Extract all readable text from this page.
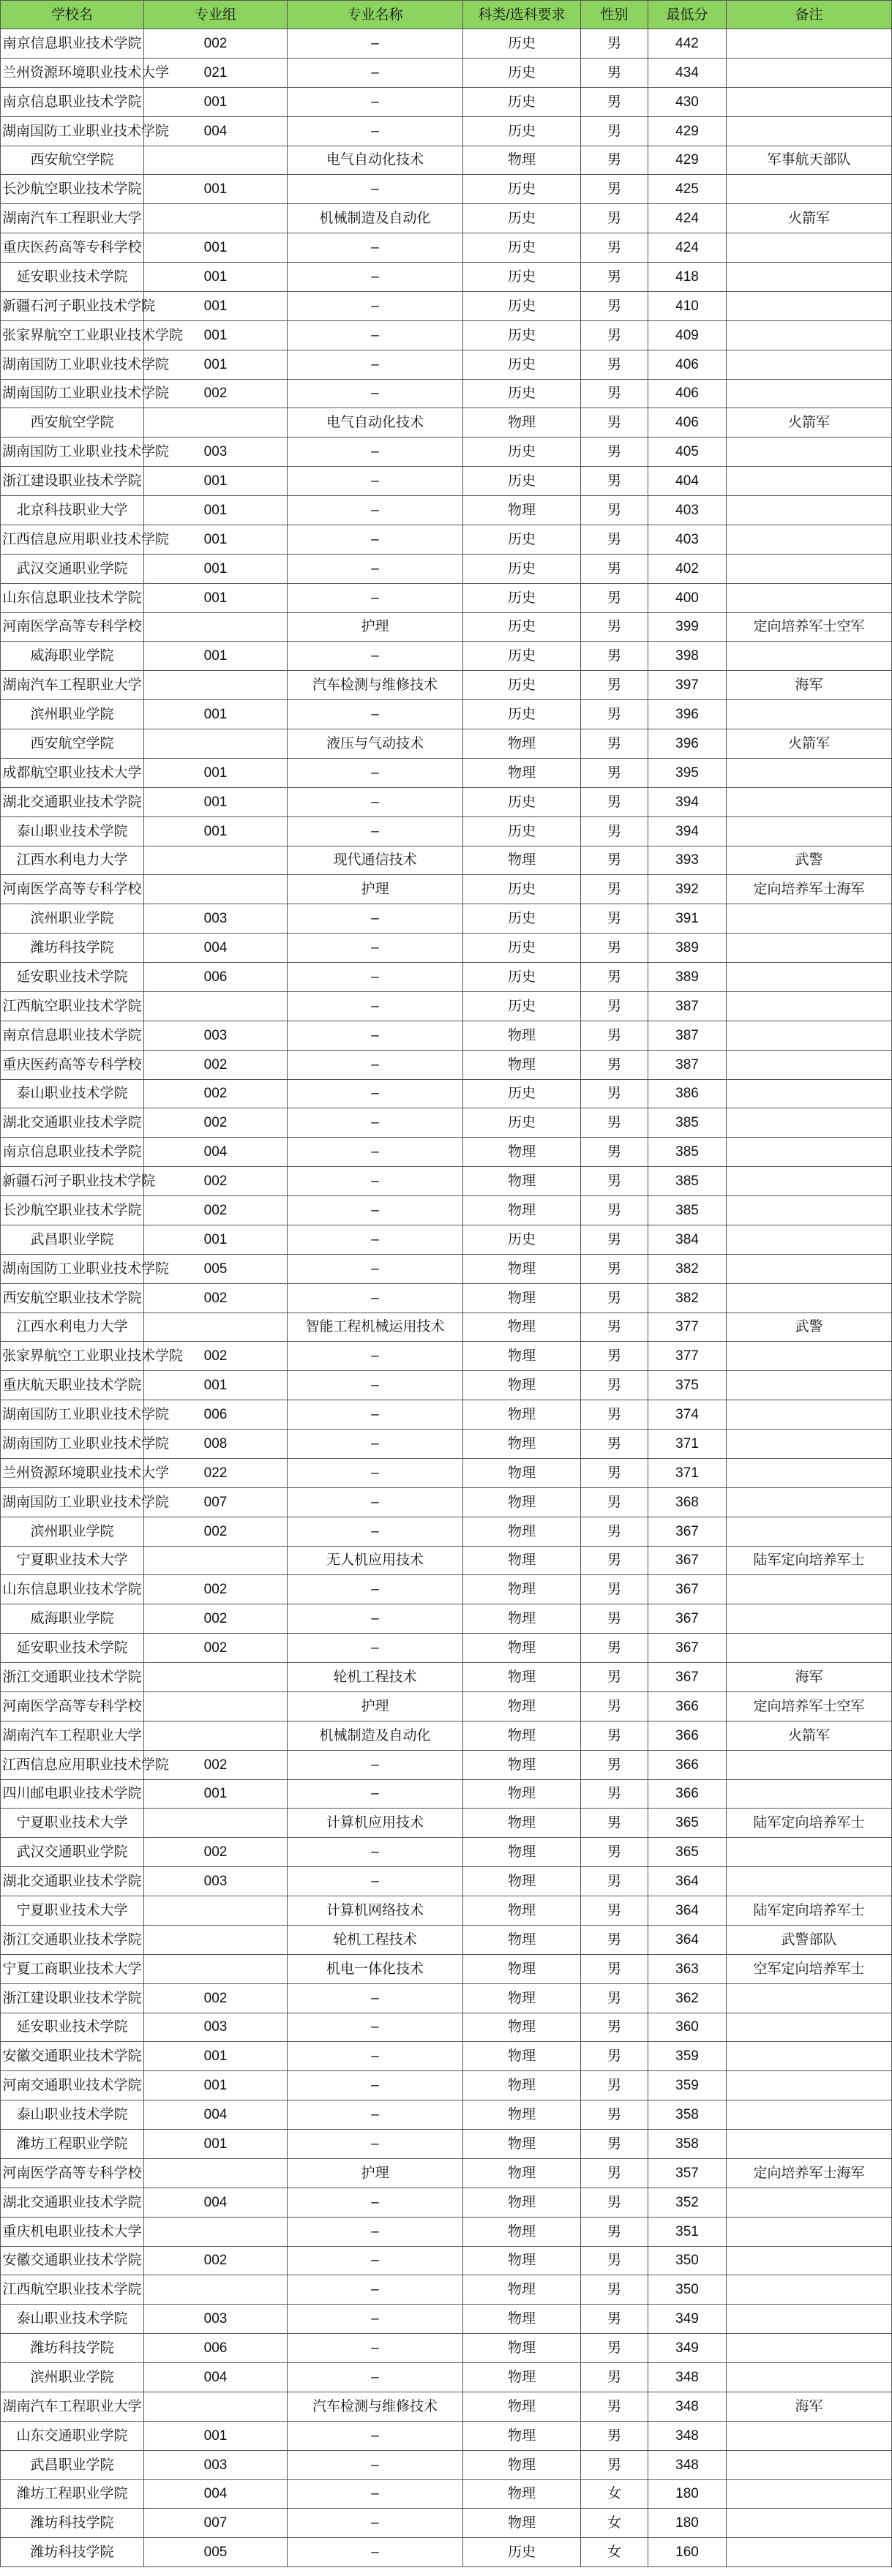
学校名	专业组	专业名称	科类/选科要求	性别	最低分	备注
南京信息职业技术学院	002	–	历史	男	442	
兰州资源环境职业技术大学	021	–	历史	男	434	
南京信息职业技术学院	001	–	历史	男	430	
湖南国防工业职业技术学院	004	–	历史	男	429	
西安航空学院		电气自动化技术	物理	男	429	军事航天部队
长沙航空职业技术学院	001	–	历史	男	425	
湖南汽车工程职业大学		机械制造及自动化	历史	男	424	火箭军
重庆医药高等专科学校	001	–	历史	男	424	
延安职业技术学院	001	–	历史	男	418	
新疆石河子职业技术学院	001	–	历史	男	410	
张家界航空工业职业技术学院	001	–	历史	男	409	
湖南国防工业职业技术学院	001	–	历史	男	406	
湖南国防工业职业技术学院	002	–	历史	男	406	
西安航空学院		电气自动化技术	物理	男	406	火箭军
湖南国防工业职业技术学院	003	–	历史	男	405	
浙江建设职业技术学院	001	–	历史	男	404	
北京科技职业大学	001	–	物理	男	403	
江西信息应用职业技术学院	001	–	历史	男	403	
武汉交通职业学院	001	–	历史	男	402	
山东信息职业技术学院	001	–	历史	男	400	
河南医学高等专科学校		护理	历史	男	399	定向培养军士空军
威海职业学院	001	–	历史	男	398	
湖南汽车工程职业大学		汽车检测与维修技术	历史	男	397	海军
滨州职业学院	001	–	历史	男	396	
西安航空学院		液压与气动技术	物理	男	396	火箭军
成都航空职业技术大学	001	–	物理	男	395	
湖北交通职业技术学院	001	–	历史	男	394	
泰山职业技术学院	001	–	历史	男	394	
江西水利电力大学		现代通信技术	物理	男	393	武警
河南医学高等专科学校		护理	历史	男	392	定向培养军士海军
滨州职业学院	003	–	历史	男	391	
潍坊科技学院	004	–	历史	男	389	
延安职业技术学院	006	–	历史	男	389	
江西航空职业技术学院		–	历史	男	387	
南京信息职业技术学院	003	–	物理	男	387	
重庆医药高等专科学校	002	–	物理	男	387	
泰山职业技术学院	002	–	历史	男	386	
湖北交通职业技术学院	002	–	历史	男	385	
南京信息职业技术学院	004	–	物理	男	385	
新疆石河子职业技术学院	002	–	物理	男	385	
长沙航空职业技术学院	002	–	物理	男	385	
武昌职业学院	001	–	历史	男	384	
湖南国防工业职业技术学院	005	–	物理	男	382	
西安航空职业技术学院	002	–	物理	男	382	
江西水利电力大学		智能工程机械运用技术	物理	男	377	武警
张家界航空工业职业技术学院	002	–	物理	男	377	
重庆航天职业技术学院	001	–	物理	男	375	
湖南国防工业职业技术学院	006	–	物理	男	374	
湖南国防工业职业技术学院	008	–	物理	男	371	
兰州资源环境职业技术大学	022	–	物理	男	371	
湖南国防工业职业技术学院	007	–	物理	男	368	
滨州职业学院	002	–	物理	男	367	
宁夏职业技术大学		无人机应用技术	物理	男	367	陆军定向培养军士
山东信息职业技术学院	002	–	物理	男	367	
威海职业学院	002	–	物理	男	367	
延安职业技术学院	002	–	物理	男	367	
浙江交通职业技术学院		轮机工程技术	物理	男	367	海军
河南医学高等专科学校		护理	物理	男	366	定向培养军士空军
湖南汽车工程职业大学		机械制造及自动化	物理	男	366	火箭军
江西信息应用职业技术学院	002	–	物理	男	366	
四川邮电职业技术学院	001	–	物理	男	366	
宁夏职业技术大学		计算机应用技术	物理	男	365	陆军定向培养军士
武汉交通职业学院	002	–	物理	男	365	
湖北交通职业技术学院	003	–	物理	男	364	
宁夏职业技术大学		计算机网络技术	物理	男	364	陆军定向培养军士
浙江交通职业技术学院		轮机工程技术	物理	男	364	武警部队
宁夏工商职业技术大学		机电一体化技术	物理	男	363	空军定向培养军士
浙江建设职业技术学院	002	–	物理	男	362	
延安职业技术学院	003	–	物理	男	360	
安徽交通职业技术学院	001	–	物理	男	359	
河南交通职业技术学院	001	–	物理	男	359	
泰山职业技术学院	004	–	物理	男	358	
潍坊工程职业学院	001	–	物理	男	358	
河南医学高等专科学校		护理	物理	男	357	定向培养军士海军
湖北交通职业技术学院	004	–	物理	男	352	
重庆机电职业技术大学		–	物理	男	351	
安徽交通职业技术学院	002	–	物理	男	350	
江西航空职业技术学院		–	物理	男	350	
泰山职业技术学院	003	–	物理	男	349	
潍坊科技学院	006	–	物理	男	349	
滨州职业学院	004	–	物理	男	348	
湖南汽车工程职业大学		汽车检测与维修技术	物理	男	348	海军
山东交通职业学院	001	–	物理	男	348	
武昌职业学院	003	–	物理	男	348	
潍坊工程职业学院	004	–	物理	女	180	
潍坊科技学院	007	–	物理	女	180	
潍坊科技学院	005	–	历史	女	160	
